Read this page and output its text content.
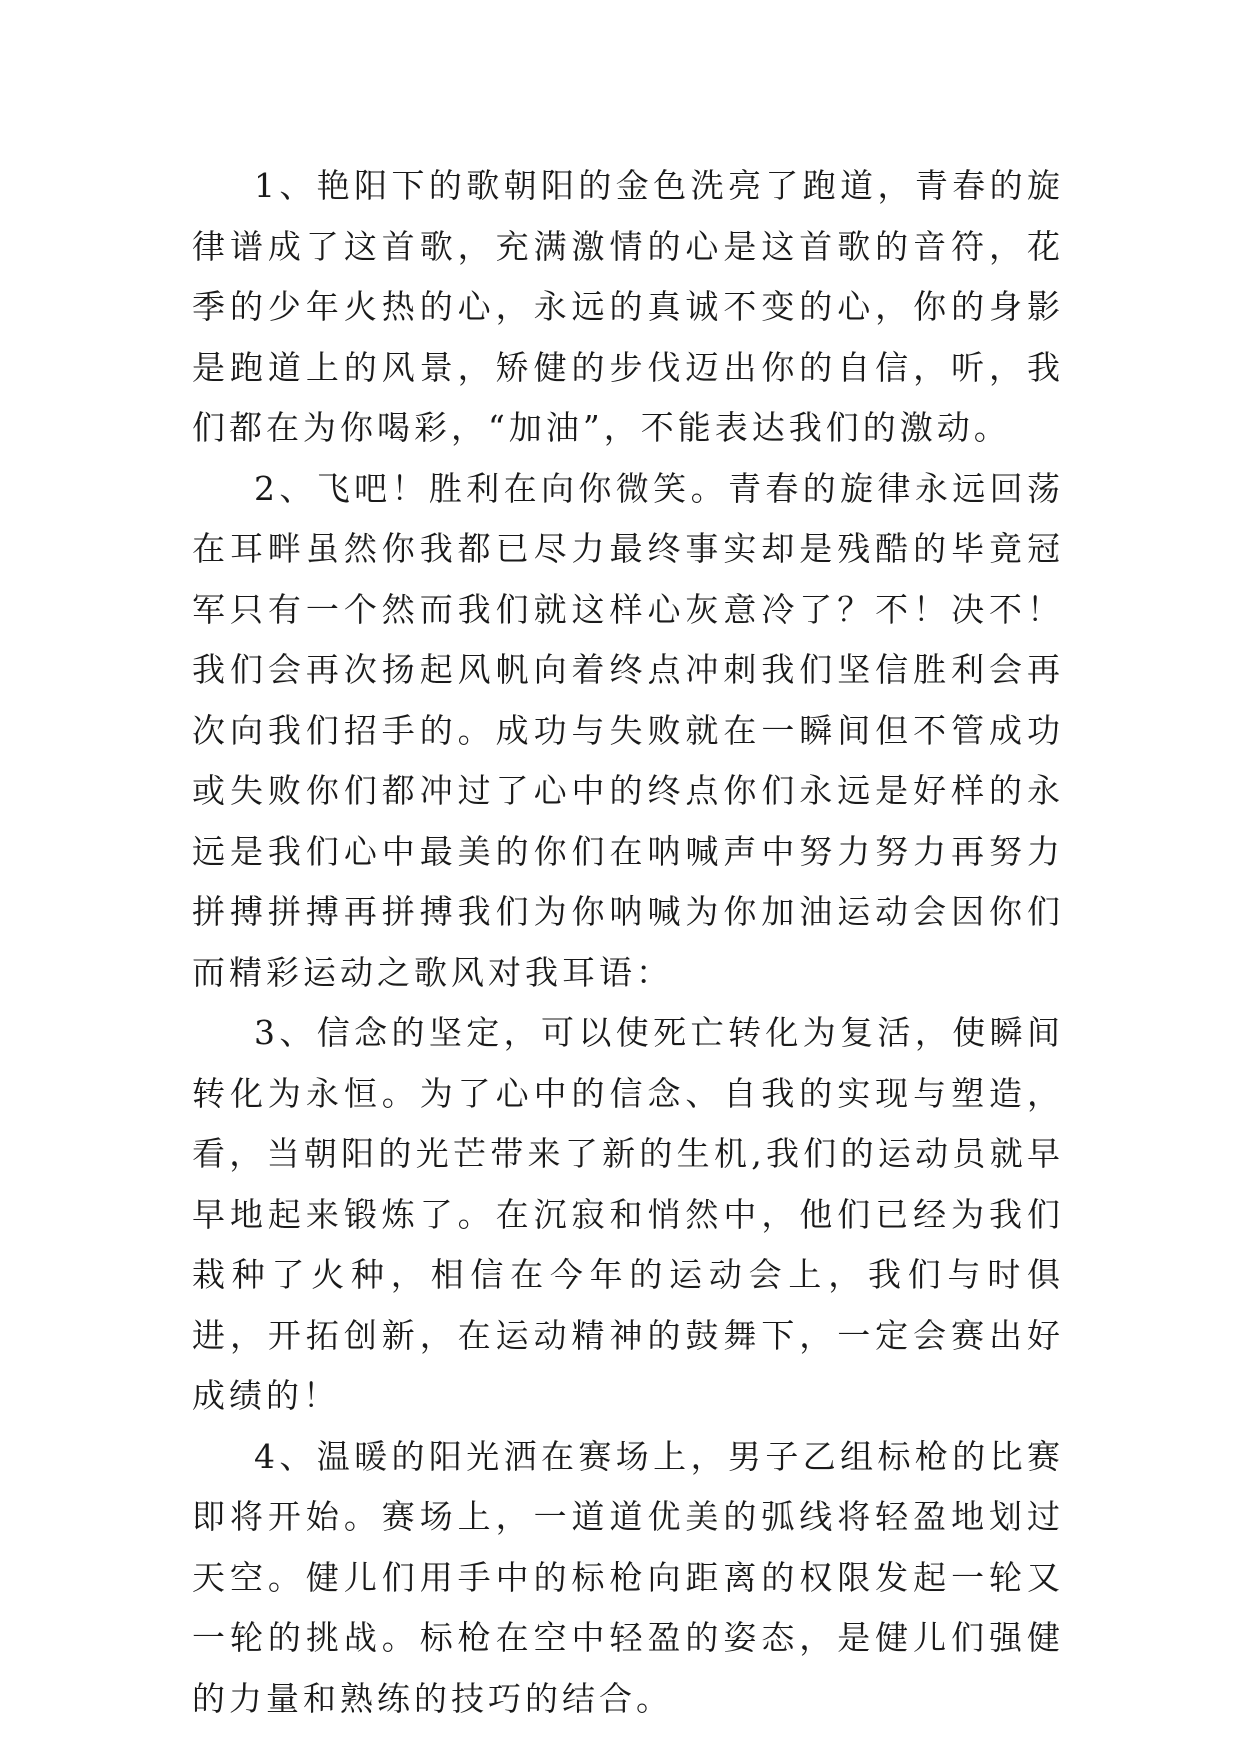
1、艳阳下的歌朝阳的金色洗亮了跑道，青春的旋律谱成了这首歌，充满激情的心是这首歌的音符，花季的少年火热的心，永远的真诚不变的心，你的身影是跑道上的风景，矫健的步伐迈出你的自信，听，我们都在为你喝彩，“加油”，不能表达我们的激动。

2、飞吧！胜利在向你微笑。青春的旋律永远回荡在耳畔虽然你我都已尽力最终事实却是残酷的毕竟冠军只有一个然而我们就这样心灰意冷了？不！决不！我们会再次扬起风帆向着终点冲刺我们坚信胜利会再次向我们招手的。成功与失败就在一瞬间但不管成功或失败你们都冲过了心中的终点你们永远是好样的永远是我们心中最美的你们在呐喊声中努力努力再努力拼搏拼搏再拼搏我们为你呐喊为你加油运动会因你们而精彩运动之歌风对我耳语：

3、信念的坚定，可以使死亡转化为复活，使瞬间转化为永恒。为了心中的信念、自我的实现与塑造，看，当朝阳的光芒带来了新的生机,我们的运动员就早早地起来锻炼了。在沉寂和悄然中，他们已经为我们栽种了火种，相信在今年的运动会上，我们与时俱进，开拓创新，在运动精神的鼓舞下，一定会赛出好成绩的！

4、温暖的阳光洒在赛场上，男子乙组标枪的比赛即将开始。赛场上，一道道优美的弧线将轻盈地划过天空。健儿们用手中的标枪向距离的权限发起一轮又一轮的挑战。标枪在空中轻盈的姿态，是健儿们强健的力量和熟练的技巧的结合。
